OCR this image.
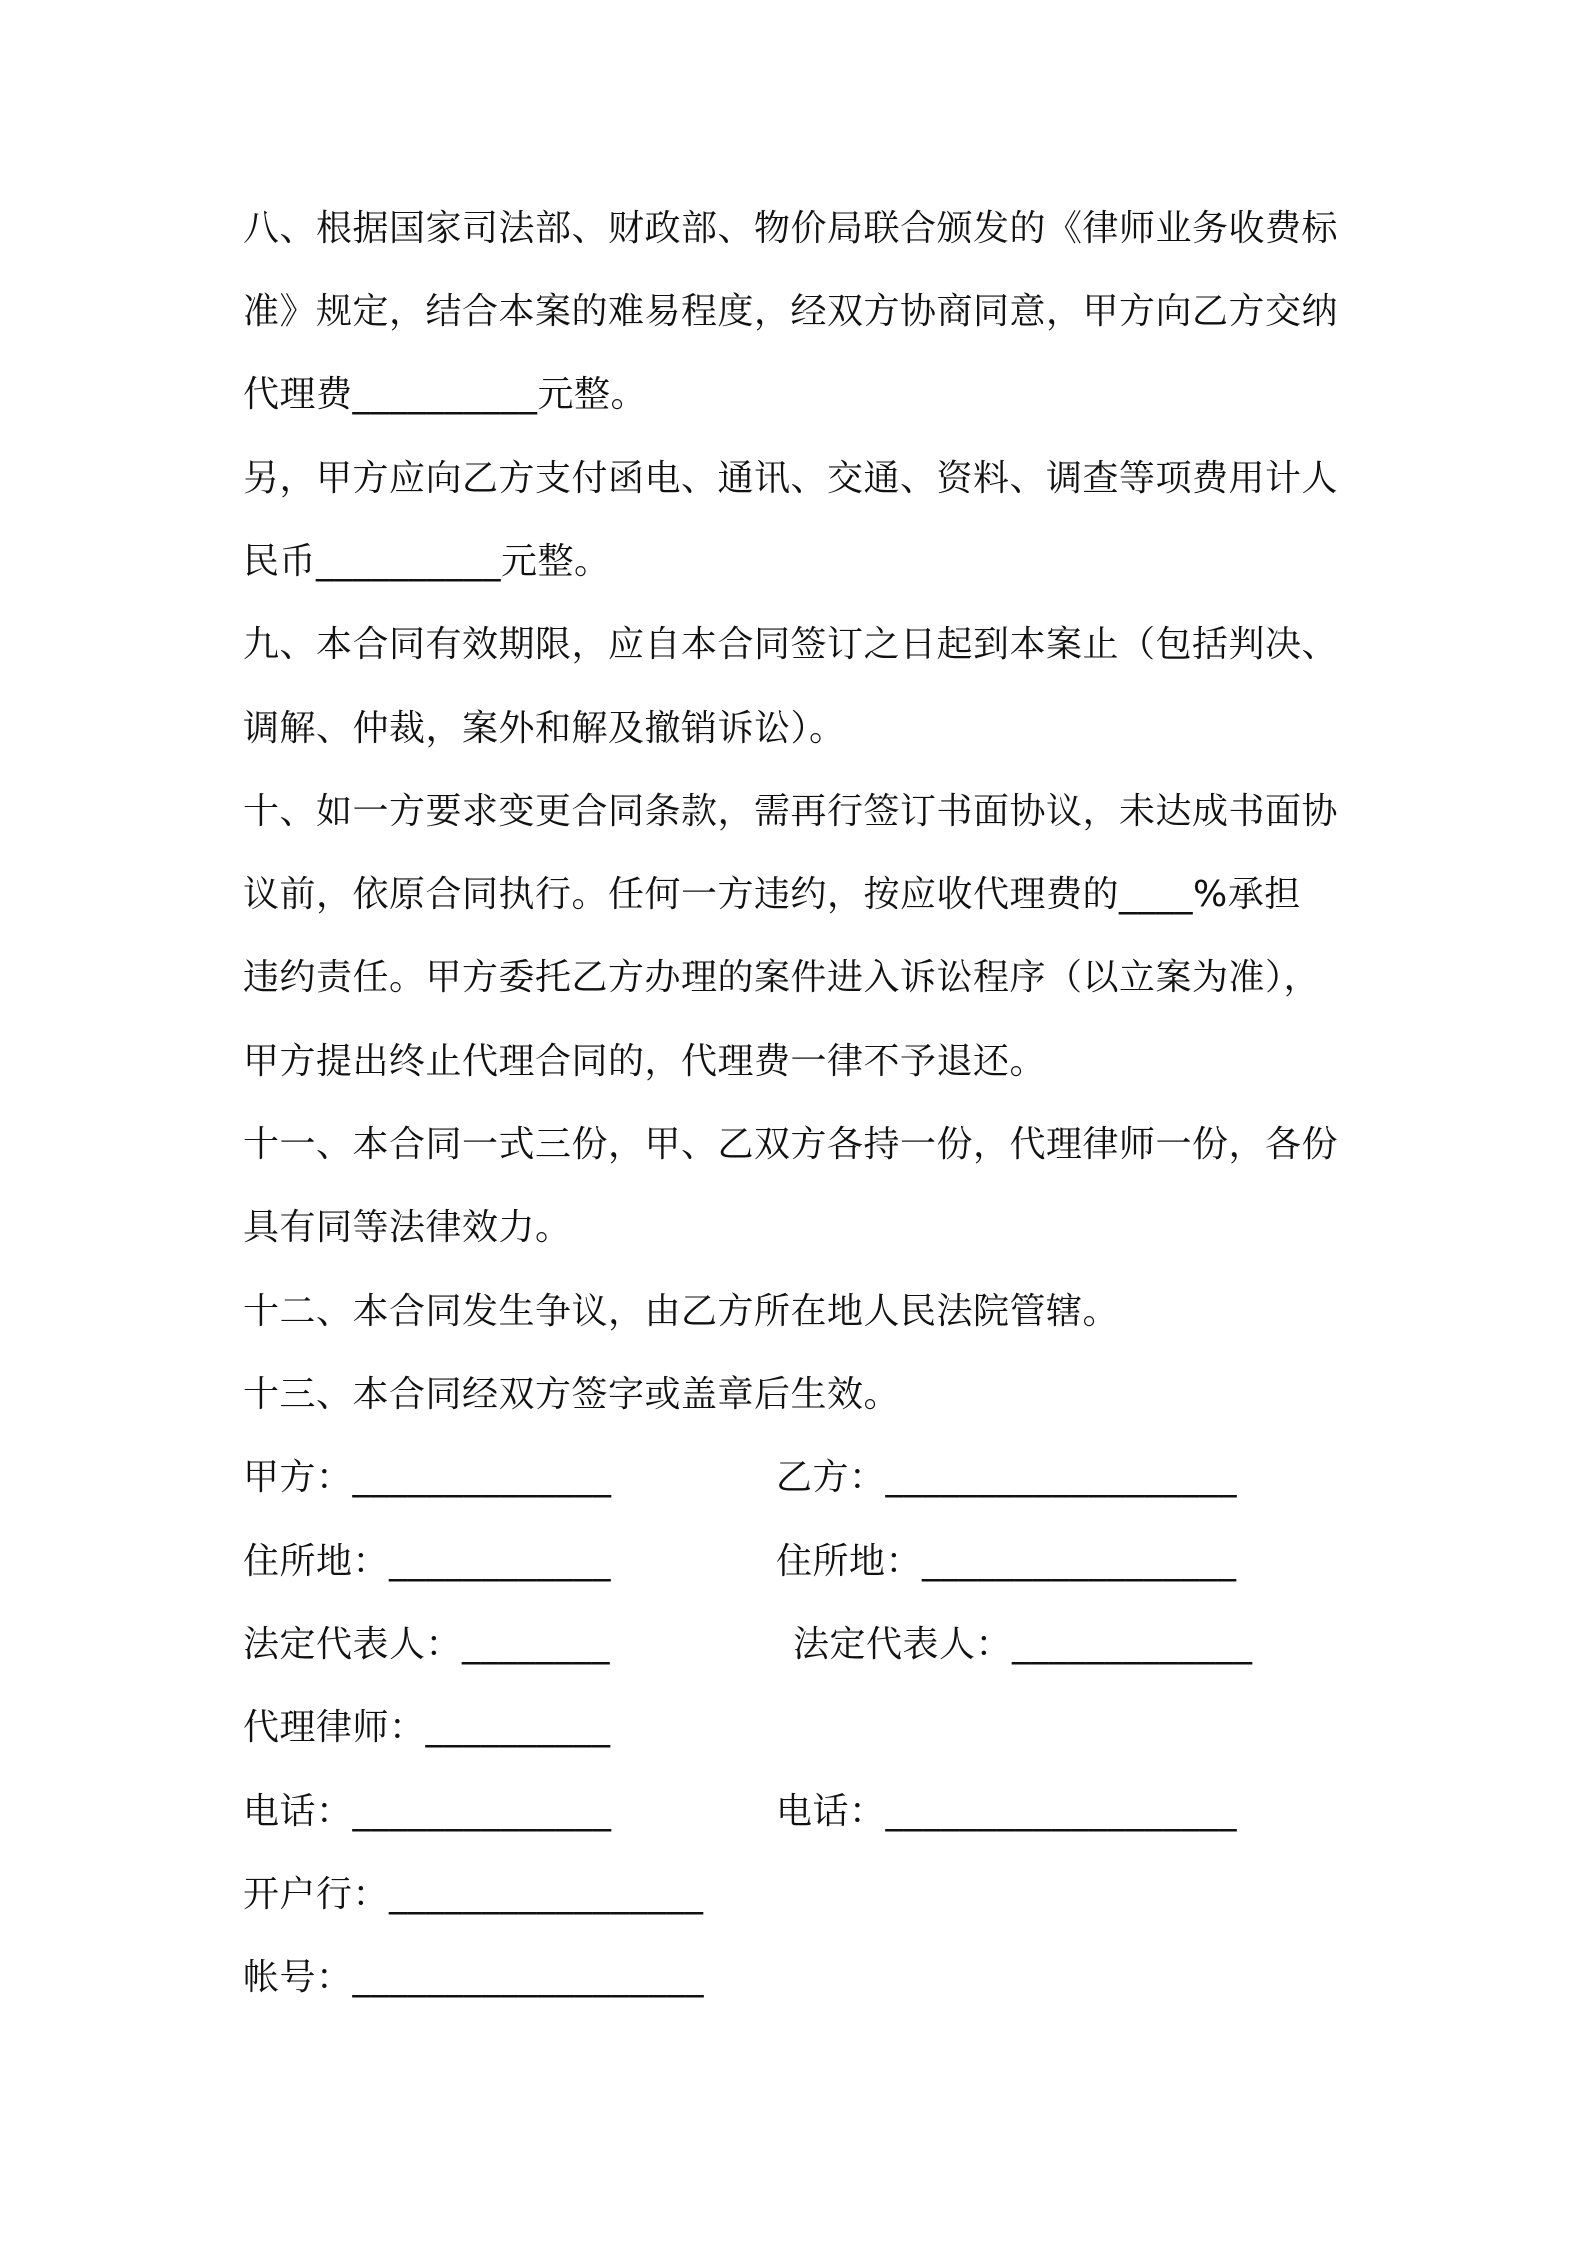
八、根据国家司法部、财政部、物价局联合颁发的《律师业务收费标
准》规定，结合本案的难易程度，经双方协商同意，甲方向乙方交纳
代理费__________元整。
另，甲方应向乙方支付函电、通讯、交通、资料、调查等项费用计人
民币__________元整。
九、本合同有效期限，应自本合同签订之日起到本案止（包括判决、
调解、仲裁，案外和解及撤销诉讼）。
十、如一方要求变更合同条款，需再行签订书面协议，未达成书面协
议前，依原合同执行。任何一方违约，按应收代理费的____%承担
违约责任。甲方委托乙方办理的案件进入诉讼程序（以立案为准），
甲方提出终止代理合同的，代理费一律不予退还。
十一、本合同一式三份，甲、乙双方各持一份，代理律师一份，各份
具有同等法律效力。
十二、本合同发生争议，由乙方所在地人民法院管辖。
十三、本合同经双方签字或盖章后生效。
甲方：______________	乙方：___________________
住所地：____________	住所地：_________________
法定代表人：________	法定代表人：_____________
代理律师：__________
电话：______________	电话：___________________
开户行：_________________
帐号：___________________
